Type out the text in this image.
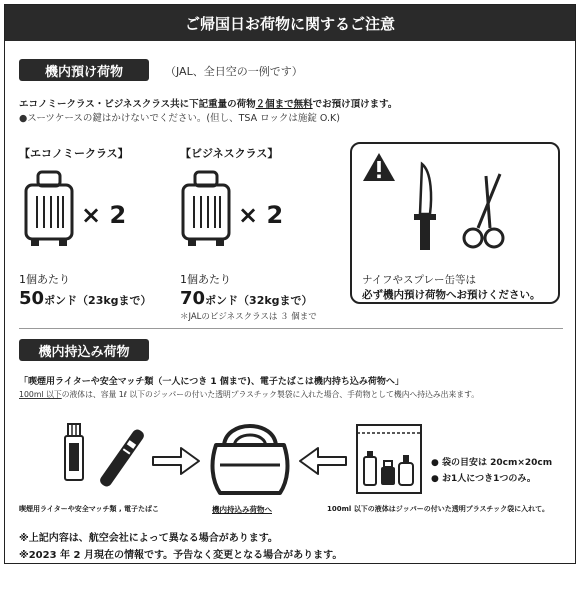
ご帰国日お荷物に関するご注意
機内預け荷物	（JAL、全日空の一例です）
エコノミークラス・ビジネスクラス共に下記重量の荷物２個まで無料でお預け頂けます。
●スーツケースの鍵はかけないでください。(但し、TSA ロックは施錠 O.K)
【エコノミークラス】
× 2
1個あたり
50ポンド（23kgまで）
【ビジネスクラス】
× 2
1個あたり
70ポンド（32kgまで）
＊JALのビジネスクラスは ３ 個まで
ナイフやスプレー缶等は
必ず機内預け荷物へお預けください。
機内持込み荷物
「喫煙用ライターや安全マッチ類（一人につき 1 個まで)、電子たばこは機内持ち込み荷物へ」
100ml 以下の液体は、容量 1ℓ 以下のジッパーの付いた透明プラスチック製袋に入れた場合、手荷物として機内へ持込み出来ます。
● 袋の目安は 20cm×20cm
● お1人につき1つのみ。
喫煙用ライターや安全マッチ類 , 電子たばこ	機内持込み荷物へ	100ml 以下の液体はジッパーの付いた透明プラスチック袋に入れて。
※上記内容は、航空会社によって異なる場合があります。
※2023 年 2 月現在の情報です。予告なく変更となる場合があります。
